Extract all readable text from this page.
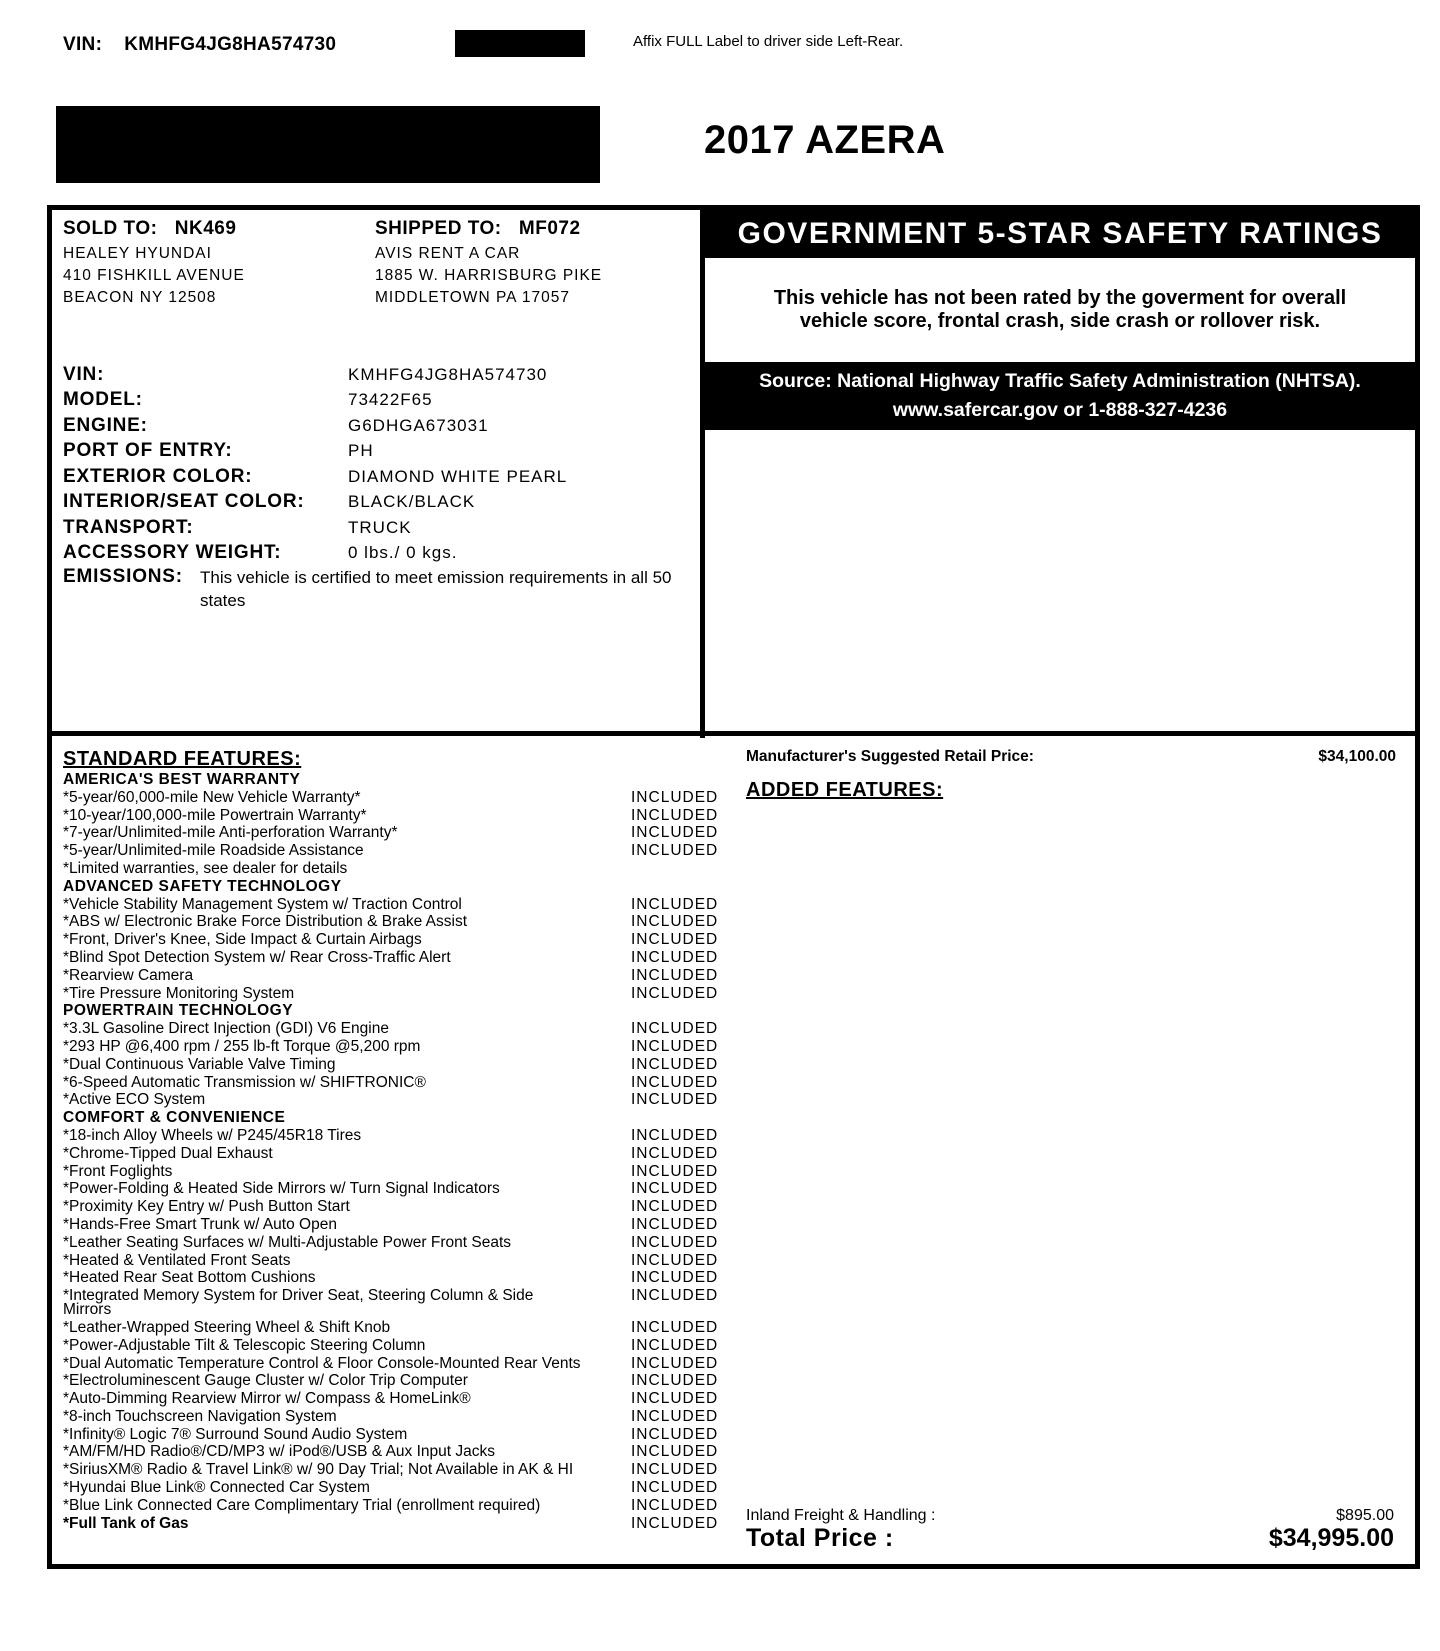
VIN: KMHFG4JG8HA574730	Affix FULL Label to driver side Left-Rear.
2017 AZERA
SOLD TO: NK469
HEALEY HYUNDAI
410 FISHKILL AVENUE
BEACON NY 12508
SHIPPED TO: MF072
AVIS RENT A CAR
1885 W. HARRISBURG PIKE
MIDDLETOWN PA 17057
VIN:	KMHFG4JG8HA574730
MODEL:	73422F65
ENGINE:	G6DHGA673031
PORT OF ENTRY:	PH
EXTERIOR COLOR:	DIAMOND WHITE PEARL
INTERIOR/SEAT COLOR:	BLACK/BLACK
TRANSPORT:	TRUCK
ACCESSORY WEIGHT:	0 lbs./ 0 kgs.
EMISSIONS:	This vehicle is certified to meet emission requirements in all 50 states
GOVERNMENT 5-STAR SAFETY RATINGS
This vehicle has not been rated by the goverment for overall vehicle score, frontal crash, side crash or rollover risk.
Source: National Highway Traffic Safety Administration (NHTSA).
www.safercar.gov or 1-888-327-4236
STANDARD FEATURES:
AMERICA'S BEST WARRANTY
*5-year/60,000-mile New Vehicle Warranty*	INCLUDED
*10-year/100,000-mile Powertrain Warranty*	INCLUDED
*7-year/Unlimited-mile Anti-perforation Warranty*	INCLUDED
*5-year/Unlimited-mile Roadside Assistance	INCLUDED
*Limited warranties, see dealer for details
ADVANCED SAFETY TECHNOLOGY
*Vehicle Stability Management System w/ Traction Control	INCLUDED
*ABS w/ Electronic Brake Force Distribution & Brake Assist	INCLUDED
*Front, Driver's Knee, Side Impact & Curtain Airbags	INCLUDED
*Blind Spot Detection System w/ Rear Cross-Traffic Alert	INCLUDED
*Rearview Camera	INCLUDED
*Tire Pressure Monitoring System	INCLUDED
POWERTRAIN TECHNOLOGY
*3.3L Gasoline Direct Injection (GDI) V6 Engine	INCLUDED
*293 HP @6,400 rpm / 255 lb-ft Torque @5,200 rpm	INCLUDED
*Dual Continuous Variable Valve Timing	INCLUDED
*6-Speed Automatic Transmission w/ SHIFTRONIC®	INCLUDED
*Active ECO System	INCLUDED
COMFORT & CONVENIENCE
*18-inch Alloy Wheels w/ P245/45R18 Tires	INCLUDED
*Chrome-Tipped Dual Exhaust	INCLUDED
*Front Foglights	INCLUDED
*Power-Folding & Heated Side Mirrors w/ Turn Signal Indicators	INCLUDED
*Proximity Key Entry w/ Push Button Start	INCLUDED
*Hands-Free Smart Trunk w/ Auto Open	INCLUDED
*Leather Seating Surfaces w/ Multi-Adjustable Power Front Seats	INCLUDED
*Heated & Ventilated Front Seats	INCLUDED
*Heated Rear Seat Bottom Cushions	INCLUDED
*Integrated Memory System for Driver Seat, Steering Column & Side Mirrors
INCLUDED
*Leather-Wrapped Steering Wheel & Shift Knob	INCLUDED
*Power-Adjustable Tilt & Telescopic Steering Column	INCLUDED
*Dual Automatic Temperature Control & Floor Console-Mounted Rear Vents	INCLUDED
*Electroluminescent Gauge Cluster w/ Color Trip Computer	INCLUDED
*Auto-Dimming Rearview Mirror w/ Compass & HomeLink®	INCLUDED
*8-inch Touchscreen Navigation System	INCLUDED
*Infinity® Logic 7® Surround Sound Audio System	INCLUDED
*AM/FM/HD Radio®/CD/MP3 w/ iPod®/USB & Aux Input Jacks	INCLUDED
*SiriusXM® Radio & Travel Link® w/ 90 Day Trial; Not Available in AK & HI	INCLUDED
*Hyundai Blue Link® Connected Car System	INCLUDED
*Blue Link Connected Care Complimentary Trial (enrollment required)	INCLUDED
*Full Tank of Gas	INCLUDED
Manufacturer's Suggested Retail Price:	$34,100.00
ADDED FEATURES:
Inland Freight & Handling :	$895.00
Total Price :	$34,995.00
